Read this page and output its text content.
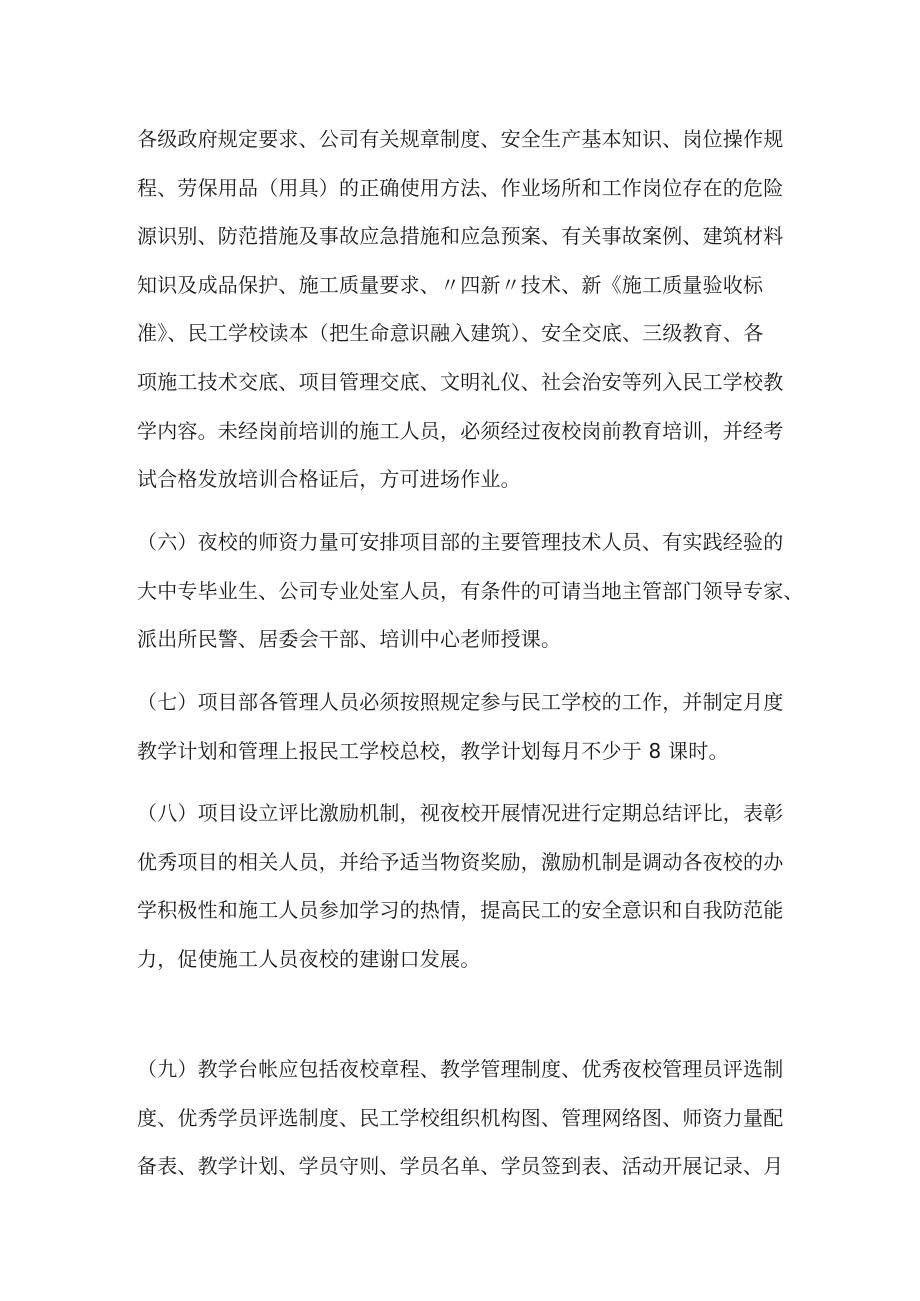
各级政府规定要求、公司有关规章制度、安全生产基本知识、岗位操作规
程、劳保用品（用具）的正确使用方法、作业场所和工作岗位存在的危险
源识别、防范措施及事故应急措施和应急预案、有关事故案例、建筑材料
知识及成品保护、施工质量要求、〃四新〃技术、新《施工质量验收标
准》、民工学校读本（把生命意识融入建筑）、安全交底、三级教育、各
项施工技术交底、项目管理交底、文明礼仪、社会治安等列入民工学校教
学内容。未经岗前培训的施工人员，必须经过夜校岗前教育培训，并经考
试合格发放培训合格证后，方可进场作业。
（六）夜校的师资力量可安排项目部的主要管理技术人员、有实践经验的
大中专毕业生、公司专业处室人员，有条件的可请当地主管部门领导专家、
派出所民警、居委会干部、培训中心老师授课。
（七）项目部各管理人员必须按照规定参与民工学校的工作，并制定月度
教学计划和管理上报民工学校总校，教学计划每月不少于 8 课时。
（八）项目设立评比激励机制，视夜校开展情况进行定期总结评比，表彰
优秀项目的相关人员，并给予适当物资奖励，激励机制是调动各夜校的办
学积极性和施工人员参加学习的热情，提高民工的安全意识和自我防范能
力，促使施工人员夜校的建谢口发展。
（九）教学台帐应包括夜校章程、教学管理制度、优秀夜校管理员评选制
度、优秀学员评选制度、民工学校组织机构图、管理网络图、师资力量配
备表、教学计划、学员守则、学员名单、学员签到表、活动开展记录、月
